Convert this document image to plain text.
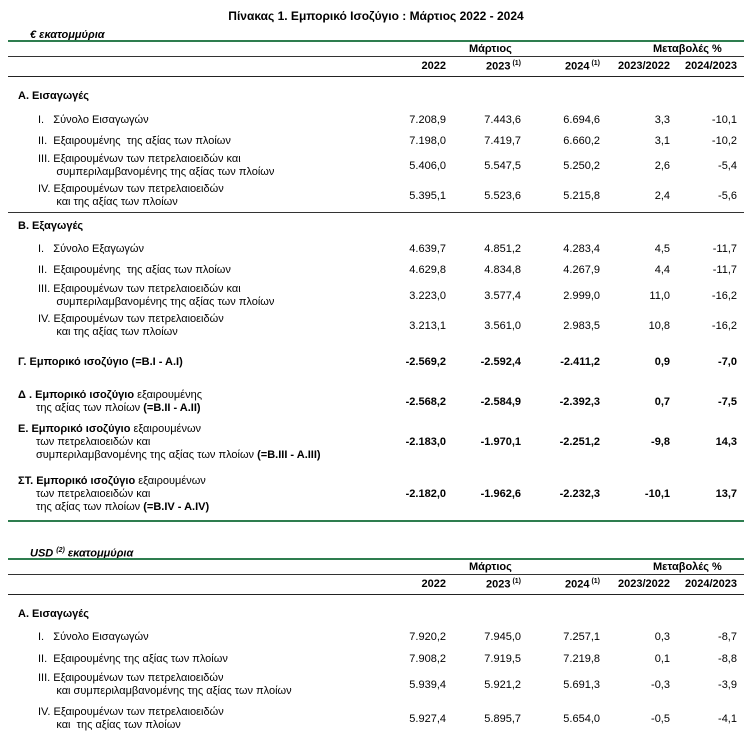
Πίνακας 1. Εμπορικό Ισοζύγιο : Μάρτιος 2022 - 2024
€ εκατομμύρια
Μάρτιος	Μεταβολές %
2022	2023 $^{(1)}$	2024 $^{(1)}$ 2023/2022 2024/2023
Α. Εισαγωγές
I.   Σύνολο Εισαγωγών	7.208,9	7.443,6	6.694,6	3,3	-10,1
II.  Εξαιρουμένης  της αξίας των πλοίων	7.198,0	7.419,7	6.660,2	3,1	-10,2
III. Εξαιρουμένων των πετρελαιοειδών και
συμπεριλαμβανομένης της αξίας των πλοίων	5.406,0	5.547,5	5.250,2	2,6	-5,4
IV. Εξαιρουμένων των πετρελαιοειδών
και της αξίας των πλοίων	5.395,1	5.523,6	5.215,8	2,4	-5,6
Β. Εξαγωγές
I.   Σύνολο Εξαγωγών	4.639,7	4.851,2	4.283,4	4,5	-11,7
II.  Εξαιρουμένης  της αξίας των πλοίων	4.629,8	4.834,8	4.267,9	4,4	-11,7
III. Εξαιρουμένων των πετρελαιοειδών και
συμπεριλαμβανομένης της αξίας των πλοίων	3.223,0	3.577,4	2.999,0	11,0	-16,2
IV. Εξαιρουμένων των πετρελαιοειδών
και της αξίας των πλοίων	3.213,1	3.561,0	2.983,5	10,8	-16,2
Γ. Εμπορικό ισοζύγιο (=B.I - A.I)	-2.569,2	-2.592,4	-2.411,2	0,9	-7,0
Δ . Εμπορικό ισοζύγιο εξαιρουμένης
της αξίας των πλοίων (=B.II - A.II)	-2.568,2	-2.584,9	-2.392,3	0,7	-7,5
Ε. Εμπορικό ισοζύγιο εξαιρουμένων
των πετρελαιοειδών και
συμπεριλαμβανομένης της αξίας των πλοίων (=B.III - A.III)
-2.183,0	-1.970,1	-2.251,2	-9,8	14,3
ΣΤ. Εμπορικό ισοζύγιο εξαιρουμένων
των πετρελαιοειδών και
της αξίας των πλοίων (=B.IV - A.IV)
-2.182,0	-1.962,6	-2.232,3	-10,1	13,7
USD $^{(2)}$ εκατομμύρια
Μάρτιος	Μεταβολές %
2022	2023 $^{(1)}$	2024 $^{(1)}$ 2023/2022 2024/2023
Α. Εισαγωγές
I.   Σύνολο Εισαγωγών	7.920,2	7.945,0	7.257,1	0,3	-8,7
II.  Εξαιρουμένης της αξίας των πλοίων	7.908,2	7.919,5	7.219,8	0,1	-8,8
III. Εξαιρουμένων των πετρελαιοειδών
και συμπεριλαμβανομένης της αξίας των πλοίων	5.939,4	5.921,2	5.691,3	-0,3	-3,9
IV. Εξαιρουμένων των πετρελαιοειδών
και  της αξίας των πλοίων	5.927,4	5.895,7	5.654,0	-0,5	-4,1
